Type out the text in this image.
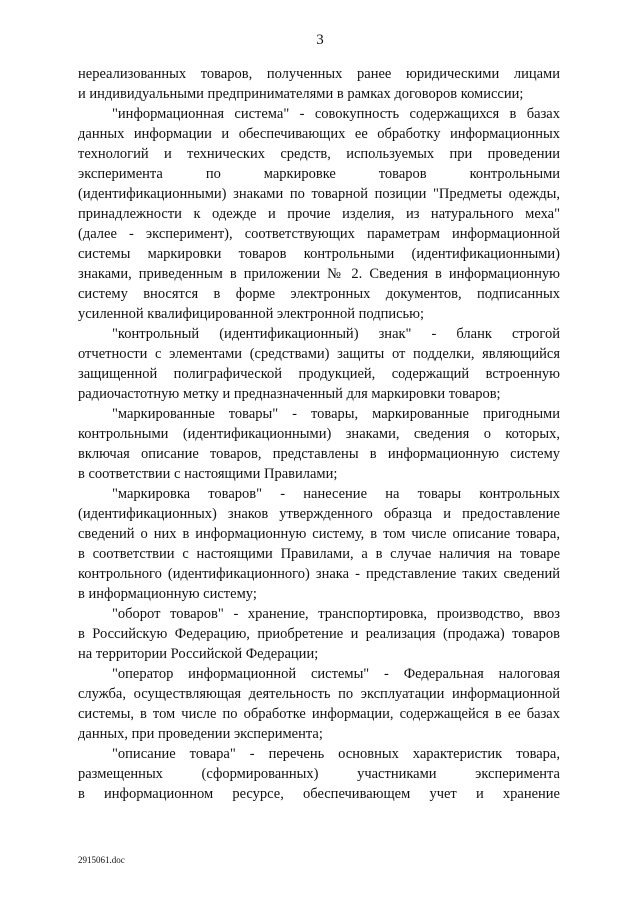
3
нереализованных товаров, полученных ранее юридическими лицами
и индивидуальными предпринимателями в рамках договоров комиссии;
"информационная система" - совокупность содержащихся в базах
данных информации и обеспечивающих ее обработку информационных
технологий и технических средств, используемых при проведении
эксперимента по маркировке товаров контрольными
(идентификационными) знаками по товарной позиции "Предметы одежды,
принадлежности к одежде и прочие изделия, из натурального меха"
(далее - эксперимент), соответствующих параметрам информационной
системы маркировки товаров контрольными (идентификационными)
знаками, приведенным в приложении № 2. Сведения в информационную
систему вносятся в форме электронных документов, подписанных
усиленной квалифицированной электронной подписью;
"контрольный (идентификационный) знак" - бланк строгой
отчетности с элементами (средствами) защиты от подделки, являющийся
защищенной полиграфической продукцией, содержащий встроенную
радиочастотную метку и предназначенный для маркировки товаров;
"маркированные товары" - товары, маркированные пригодными
контрольными (идентификационными) знаками, сведения о которых,
включая описание товаров, представлены в информационную систему
в соответствии с настоящими Правилами;
"маркировка товаров" - нанесение на товары контрольных
(идентификационных) знаков утвержденного образца и предоставление
сведений о них в информационную систему, в том числе описание товара,
в соответствии с настоящими Правилами, а в случае наличия на товаре
контрольного (идентификационного) знака - представление таких сведений
в информационную систему;
"оборот товаров" - хранение, транспортировка, производство, ввоз
в Российскую Федерацию, приобретение и реализация (продажа) товаров
на территории Российской Федерации;
"оператор информационной системы" - Федеральная налоговая
служба, осуществляющая деятельность по эксплуатации информационной
системы, в том числе по обработке информации, содержащейся в ее базах
данных, при проведении эксперимента;
"описание товара" - перечень основных характеристик товара,
размещенных (сформированных) участниками эксперимента
в информационном ресурсе, обеспечивающем учет и хранение
2915061.doc
